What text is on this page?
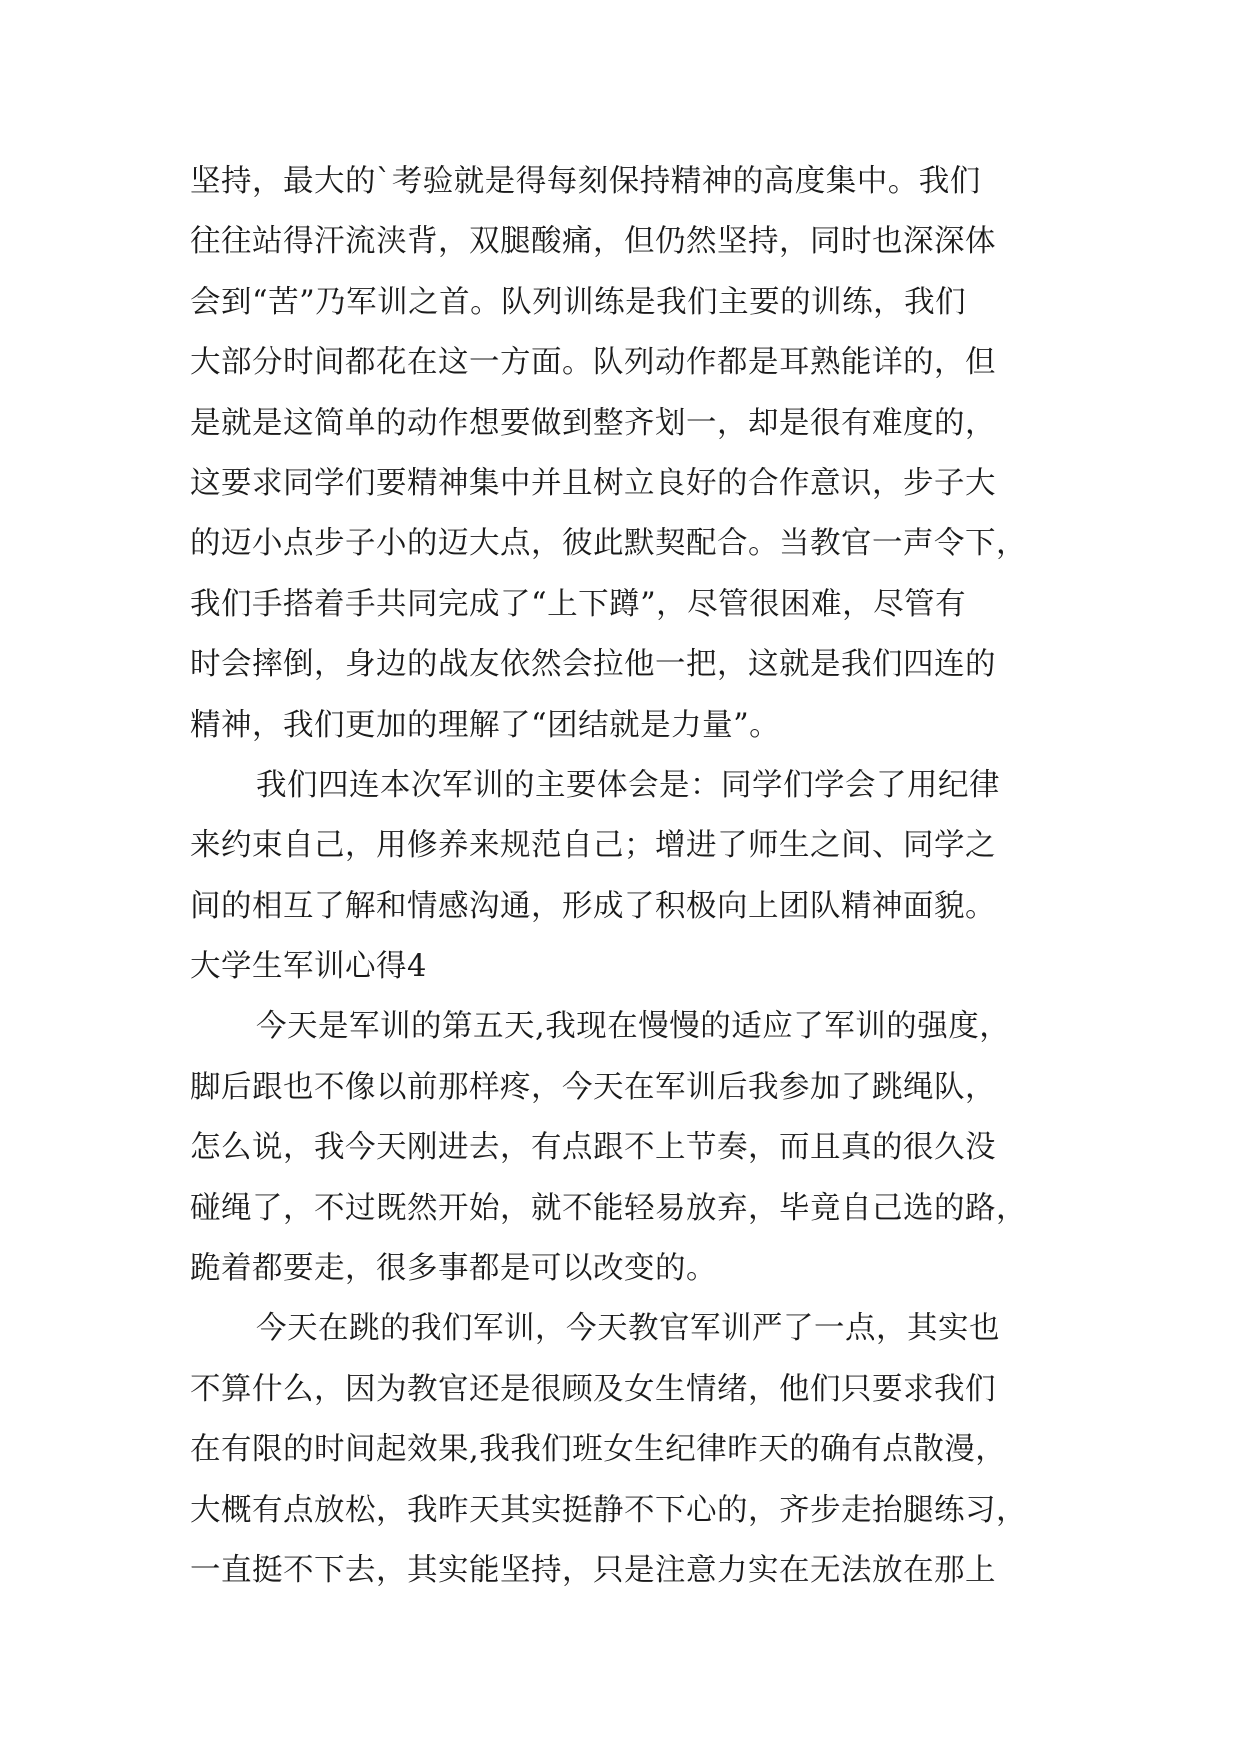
坚持，最大的`考验就是得每刻保持精神的高度集中。我们
往往站得汗流浃背，双腿酸痛，但仍然坚持，同时也深深体
会到“苦”乃军训之首。队列训练是我们主要的训练，我们
大部分时间都花在这一方面。队列动作都是耳熟能详的，但
是就是这简单的动作想要做到整齐划一，却是很有难度的，
这要求同学们要精神集中并且树立良好的合作意识，步子大
的迈小点步子小的迈大点，彼此默契配合。当教官一声令下，
我们手搭着手共同完成了“上下蹲”，尽管很困难，尽管有
时会摔倒，身边的战友依然会拉他一把，这就是我们四连的
精神，我们更加的理解了“团结就是力量”。
我们四连本次军训的主要体会是：同学们学会了用纪律
来约束自己，用修养来规范自己；增进了师生之间、同学之
间的相互了解和情感沟通，形成了积极向上团队精神面貌。
大学生军训心得4
今天是军训的第五天,我现在慢慢的适应了军训的强度，
脚后跟也不像以前那样疼，今天在军训后我参加了跳绳队，
怎么说，我今天刚进去，有点跟不上节奏，而且真的很久没
碰绳了，不过既然开始，就不能轻易放弃，毕竟自己选的路，
跪着都要走，很多事都是可以改变的。
今天在跳的我们军训，今天教官军训严了一点，其实也
不算什么，因为教官还是很顾及女生情绪，他们只要求我们
在有限的时间起效果,我我们班女生纪律昨天的确有点散漫，
大概有点放松，我昨天其实挺静不下心的，齐步走抬腿练习，
一直挺不下去，其实能坚持，只是注意力实在无法放在那上
